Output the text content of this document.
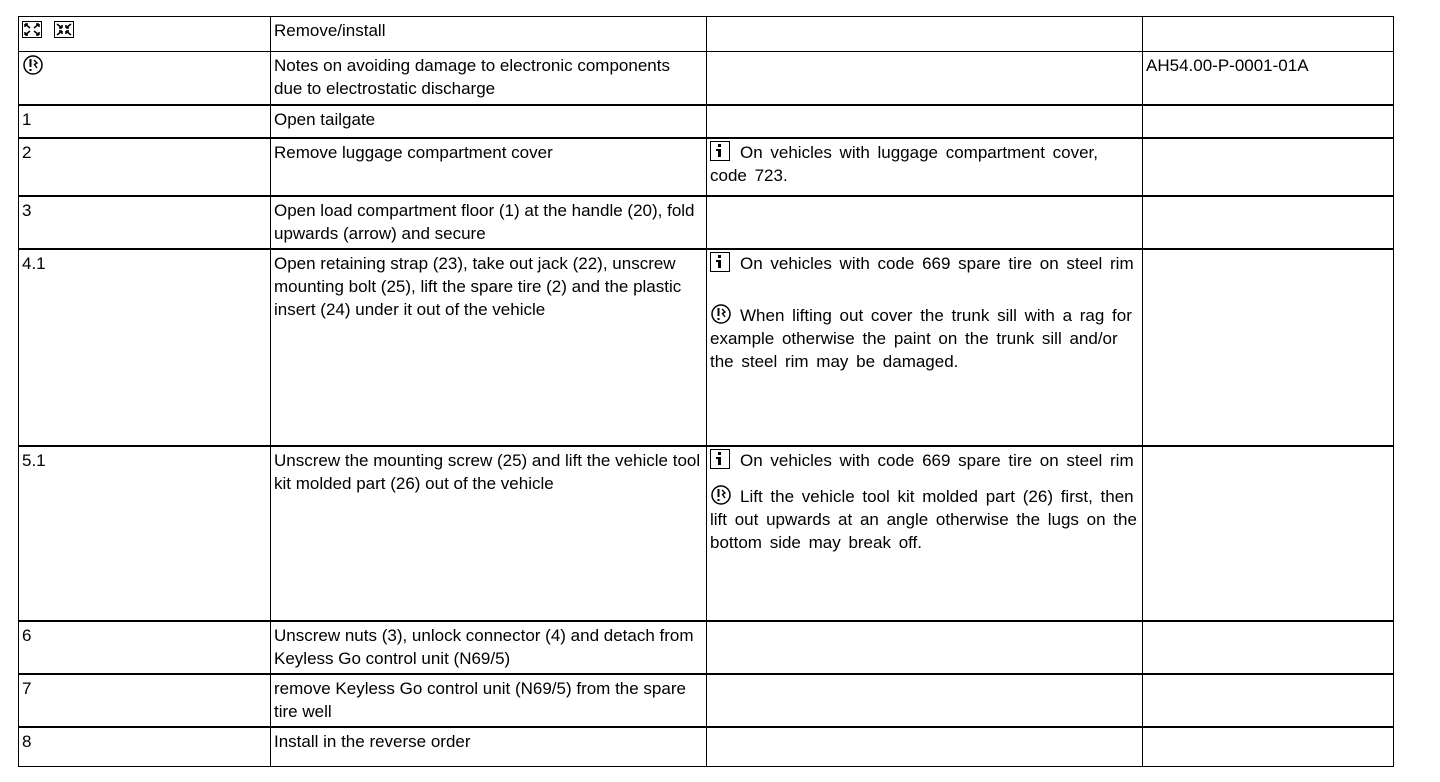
	Remove/install		

	Notes on avoiding damage to electronic components due to electrostatic discharge		AH54.00-P-0001-01A
1	Open tailgate		
2	Remove luggage compartment cover	On vehicles with luggage compartment cover, code 723.	

3	Open load compartment floor (1) at the handle (20), fold upwards (arrow) and secure		
4.1	Open retaining strap (23), take out jack (22), unscrew mounting bolt (25), lift the spare tire (2) and the plastic insert (24) under it out of the vehicle	On vehicles with code 669 spare tire on steel rim
When lifting out cover the trunk sill with a rag for example otherwise the paint on the trunk sill and/or the steel rim may be damaged.	

5.1	Unscrew the mounting screw (25) and lift the vehicle tool kit molded part (26) out of the vehicle	On vehicles with code 669 spare tire on steel rim
Lift the vehicle tool kit molded part (26) first, then lift out upwards at an angle otherwise the lugs on the bottom side may break off.	

6	Unscrew nuts (3), unlock connector (4) and detach from Keyless Go control unit (N69/5)		
7	remove Keyless Go control unit (N69/5) from the spare tire well		
8	Install in the reverse order		
